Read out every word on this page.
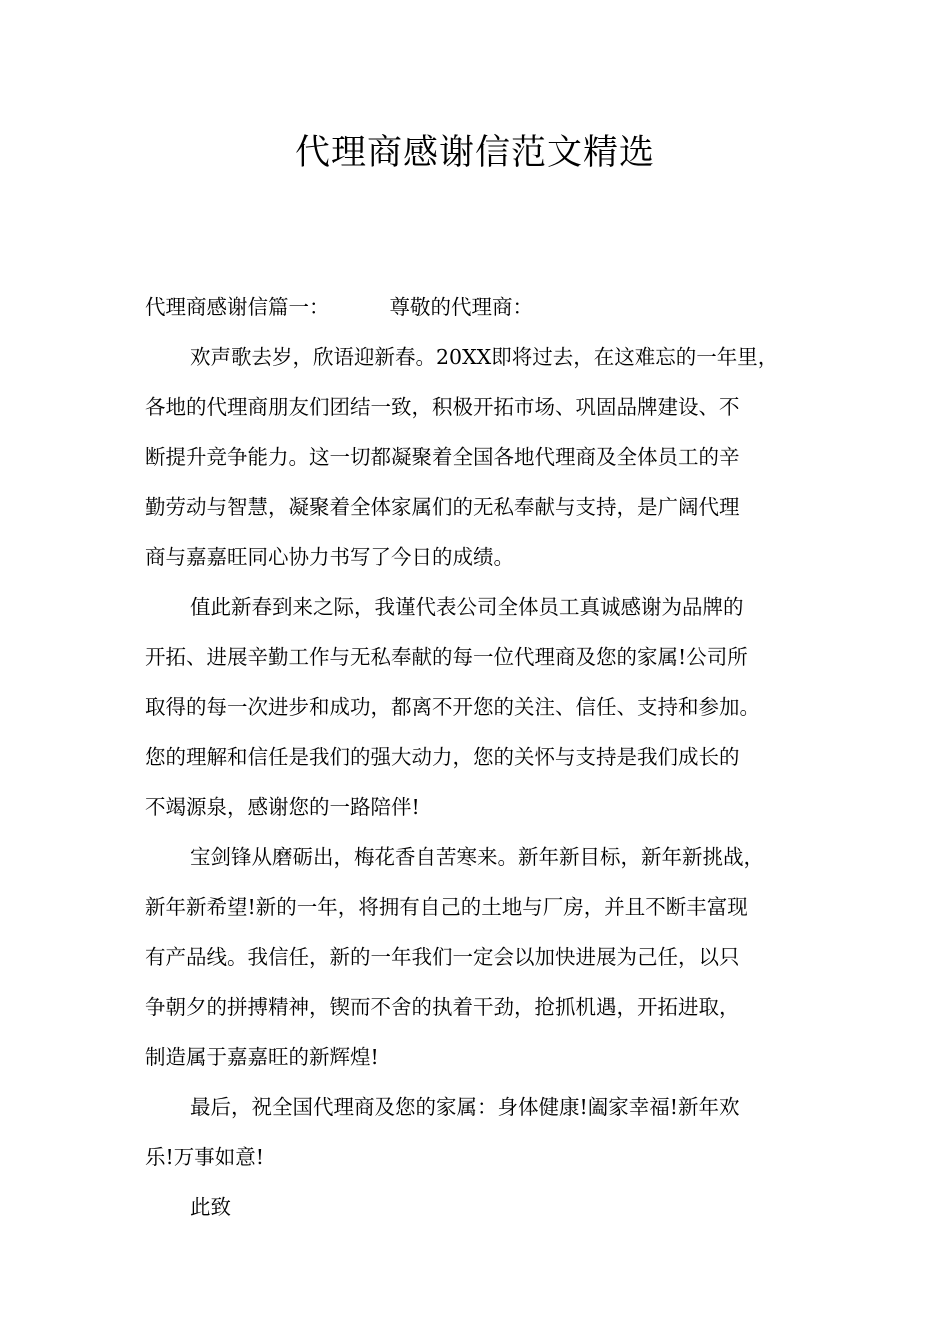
代理商感谢信范文精选
代理商感谢信篇一：	尊敬的代理商：
欢声歌去岁，欣语迎新春。20XX即将过去，在这难忘的一年里，
各地的代理商朋友们团结一致，积极开拓市场、巩固品牌建设、不
断提升竞争能力。这一切都凝聚着全国各地代理商及全体员工的辛
勤劳动与智慧，凝聚着全体家属们的无私奉献与支持，是广阔代理
商与嘉嘉旺同心协力书写了今日的成绩。
值此新春到来之际，我谨代表公司全体员工真诚感谢为品牌的
开拓、进展辛勤工作与无私奉献的每一位代理商及您的家属!公司所
取得的每一次进步和成功，都离不开您的关注、信任、支持和参加。
您的理解和信任是我们的强大动力，您的关怀与支持是我们成长的
不竭源泉，感谢您的一路陪伴!
宝剑锋从磨砺出，梅花香自苦寒来。新年新目标，新年新挑战，
新年新希望!新的一年，将拥有自己的土地与厂房，并且不断丰富现
有产品线。我信任，新的一年我们一定会以加快进展为己任，以只
争朝夕的拼搏精神，锲而不舍的执着干劲，抢抓机遇，开拓进取，
制造属于嘉嘉旺的新辉煌!
最后，祝全国代理商及您的家属：身体健康!阖家幸福!新年欢
乐!万事如意!
此致
